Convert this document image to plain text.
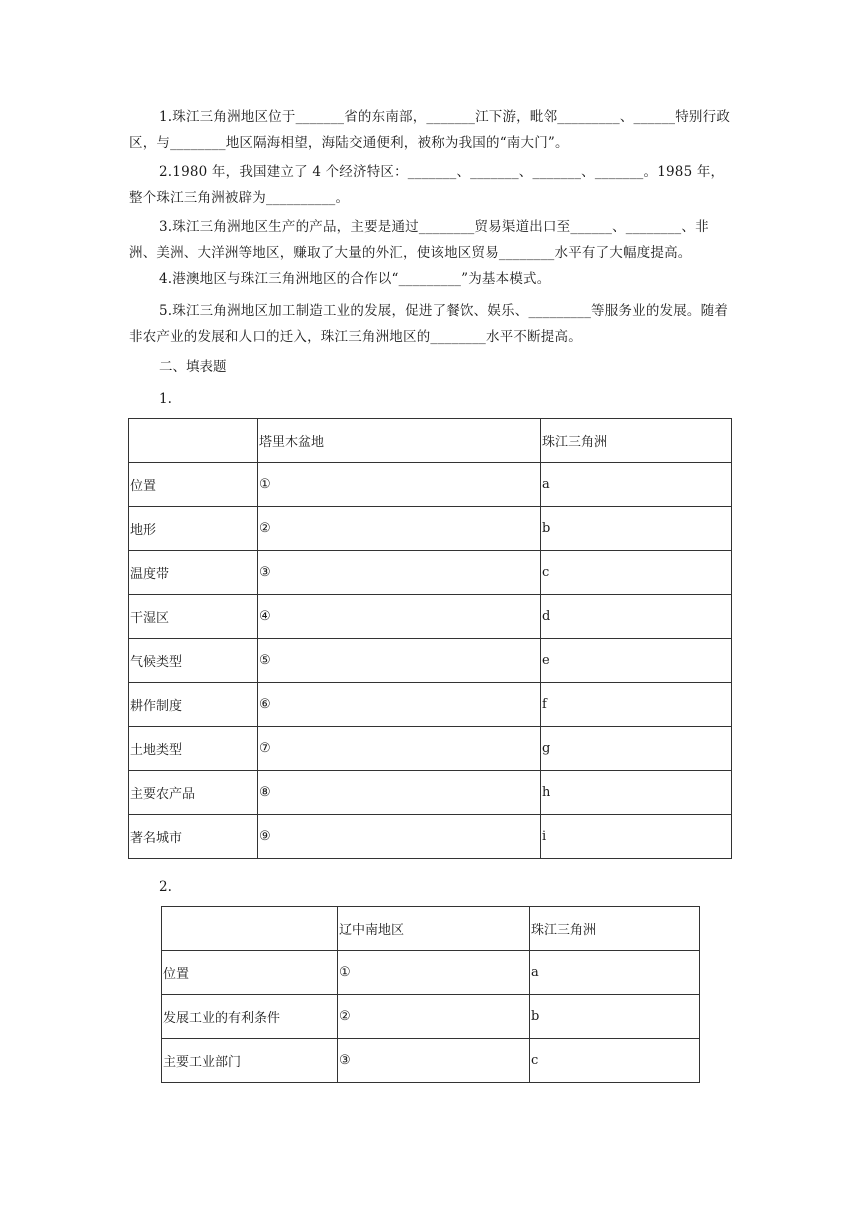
1.珠江三角洲地区位于_______省的东南部，_______江下游，毗邻_________、______特别行政区，与________地区隔海相望，海陆交通便利，被称为我国的“南大门”。

2.1980 年，我国建立了 4 个经济特区：_______、_______、_______、_______。1985 年，整个珠江三角洲被辟为__________。

3.珠江三角洲地区生产的产品，主要是通过________贸易渠道出口至______、________、非洲、美洲、大洋洲等地区，赚取了大量的外汇，使该地区贸易________水平有了大幅度提高。

4.港澳地区与珠江三角洲地区的合作以“_________”为基本模式。

5.珠江三角洲地区加工制造工业的发展，促进了餐饮、娱乐、_________等服务业的发展。随着非农产业的发展和人口的迁入，珠江三角洲地区的________水平不断提高。

二、填表题
1.
	塔里木盆地	珠江三角洲
位置	①	a
地形	②	b
温度带	③	c
干湿区	④	d
气候类型	⑤	e
耕作制度	⑥	f
土地类型	⑦	g
主要农产品	⑧	h
著名城市	⑨	i
2.
	辽中南地区	珠江三角洲
位置	①	a
发展工业的有利条件	②	b
主要工业部门	③	c
